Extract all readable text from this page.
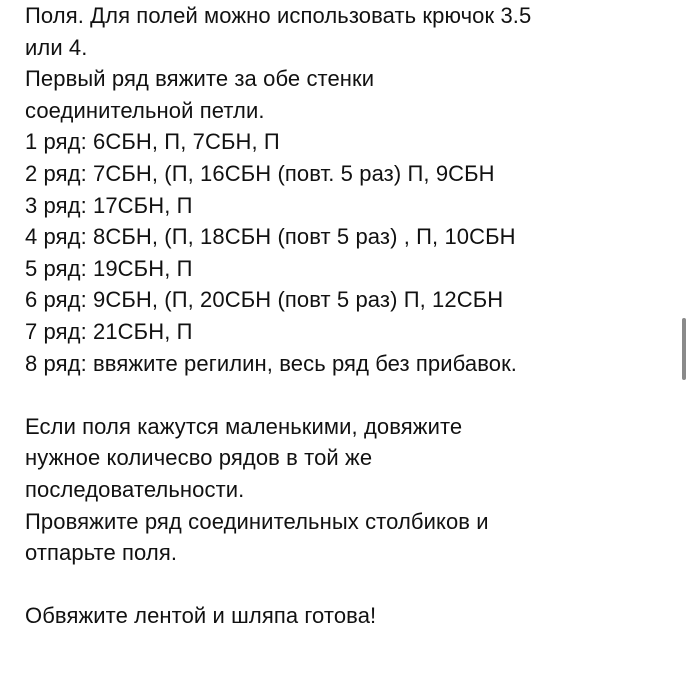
Поля. Для полей можно использовать крючок 3.5
или 4.
Первый ряд вяжите за обе стенки
соединительной петли.
1 ряд: 6СБН, П, 7СБН, П
2 ряд: 7СБН, (П, 16СБН (повт. 5 раз) П, 9СБН
3 ряд: 17СБН, П
4 ряд: 8СБН, (П, 18СБН (повт 5 раз) , П, 10СБН
5 ряд: 19СБН, П
6 ряд: 9СБН, (П, 20СБН (повт 5 раз) П, 12СБН
7 ряд: 21СБН, П
8 ряд: ввяжите регилин, весь ряд без прибавок.
Если поля кажутся маленькими, довяжите
нужное количесво рядов в той же
последовательности.
Провяжите ряд соединительных столбиков и
отпарьте поля.
Обвяжите лентой и шляпа готова!
